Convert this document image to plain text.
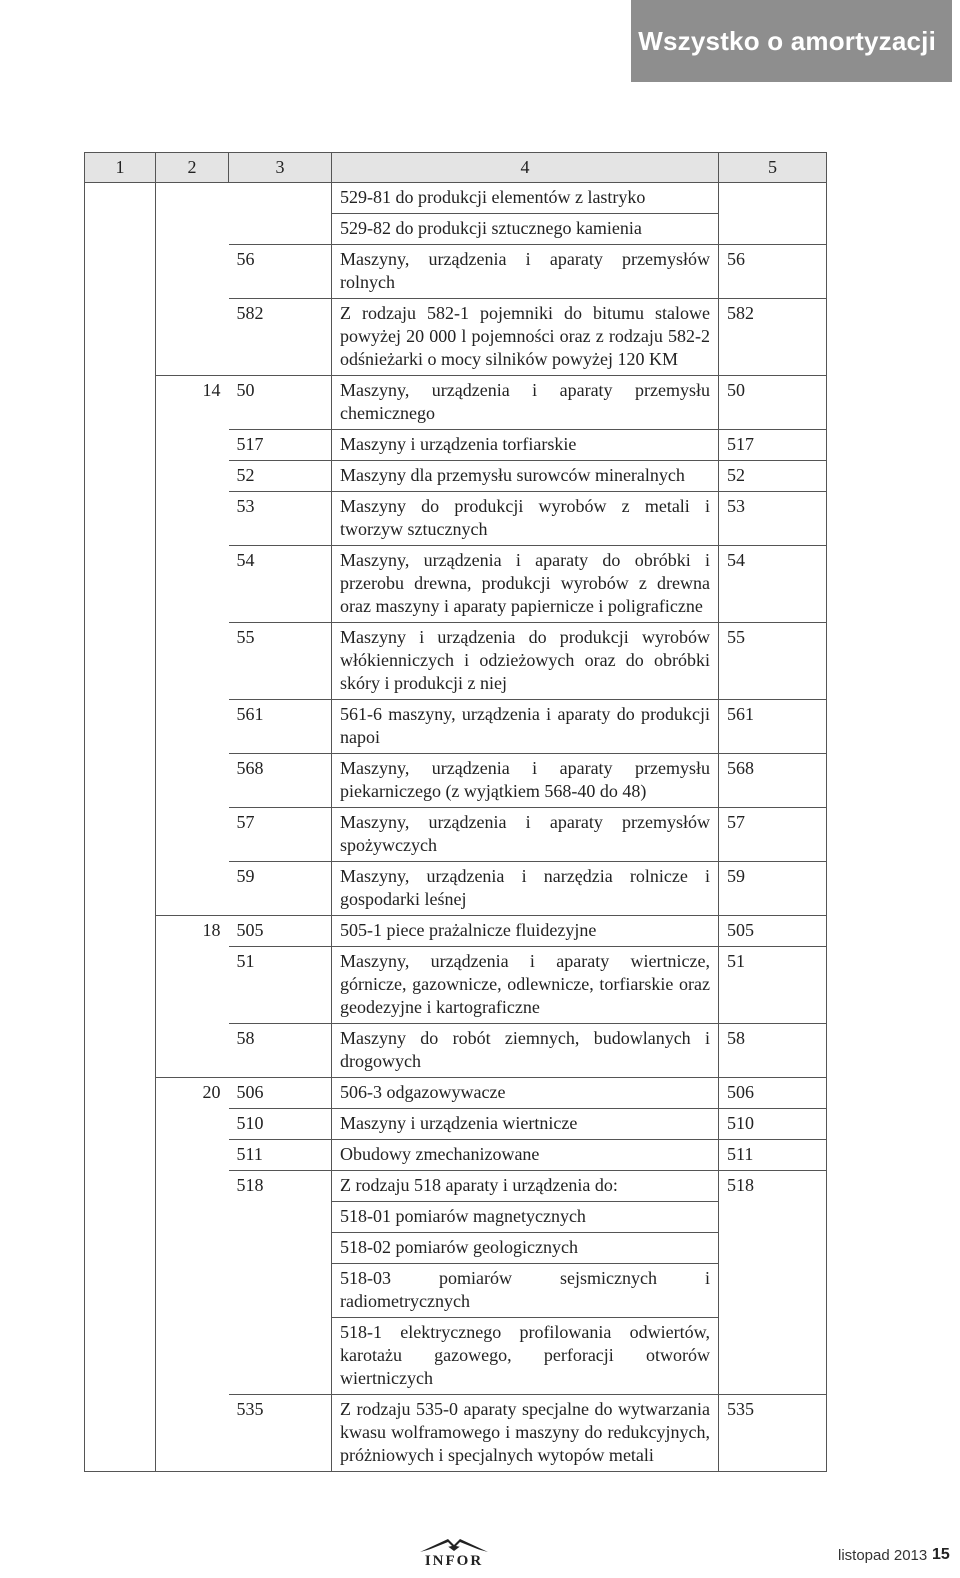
Wszystko o amortyzacji
1	2	3	4	5
			529-81 do produkcji elementów z lastryko	
			529-82 do produkcji sztucznego kamienia	
		56	Maszyny, urządzenia i aparaty przemysłów rolnych	56
		582	Z rodzaju 582-1 pojemniki do bitumu stalowe powyżej 20 000 l pojemności oraz z rodzaju 582-2 odśnieżarki o mocy silników powyżej 120 KM	582
	14	50	Maszyny, urządzenia i aparaty przemysłu chemicznego	50
		517	Maszyny i urządzenia torfiarskie	517
		52	Maszyny dla przemysłu surowców mineralnych	52
		53	Maszyny do produkcji wyrobów z metali i tworzyw sztucznych	53
		54	Maszyny, urządzenia i aparaty do obróbki i przerobu drewna, produkcji wyrobów z drewna oraz maszyny i aparaty papiernicze i poligraficzne	54
		55	Maszyny i urządzenia do produkcji wyrobów włókienniczych i odzieżowych oraz do obróbki skóry i produkcji z niej	55
		561	561-6 maszyny, urządzenia i aparaty do produkcji napoi	561
		568	Maszyny, urządzenia i aparaty przemysłu piekarniczego (z wyjątkiem 568-40 do 48)	568
		57	Maszyny, urządzenia i aparaty przemysłów spożywczych	57
		59	Maszyny, urządzenia i narzędzia rolnicze i gospodarki leśnej	59
	18	505	505-1 piece prażalnicze fluidezyjne	505
		51	Maszyny, urządzenia i aparaty wiertnicze, górnicze, gazownicze, odlewnicze, torfiarskie oraz geodezyjne i kartograficzne	51
		58	Maszyny do robót ziemnych, budowlanych i drogowych	58
	20	506	506-3 odgazowywacze	506
		510	Maszyny i urządzenia wiertnicze	510
		511	Obudowy zmechanizowane	511
		518	Z rodzaju 518 aparaty i urządzenia do:	518
			518-01 pomiarów magnetycznych	
			518-02 pomiarów geologicznych	
			518-03 pomiarów sejsmicznych i radiometrycznych	
			518-1 elektrycznego profilowania odwiertów, karotażu gazowego, perforacji otworów wiertniczych	
		535	Z rodzaju 535-0 aparaty specjalne do wytwarzania kwasu wolframowego i maszyny do redukcyjnych, próżniowych i specjalnych wytopów metali	535
INFOR	listopad 2013 15
